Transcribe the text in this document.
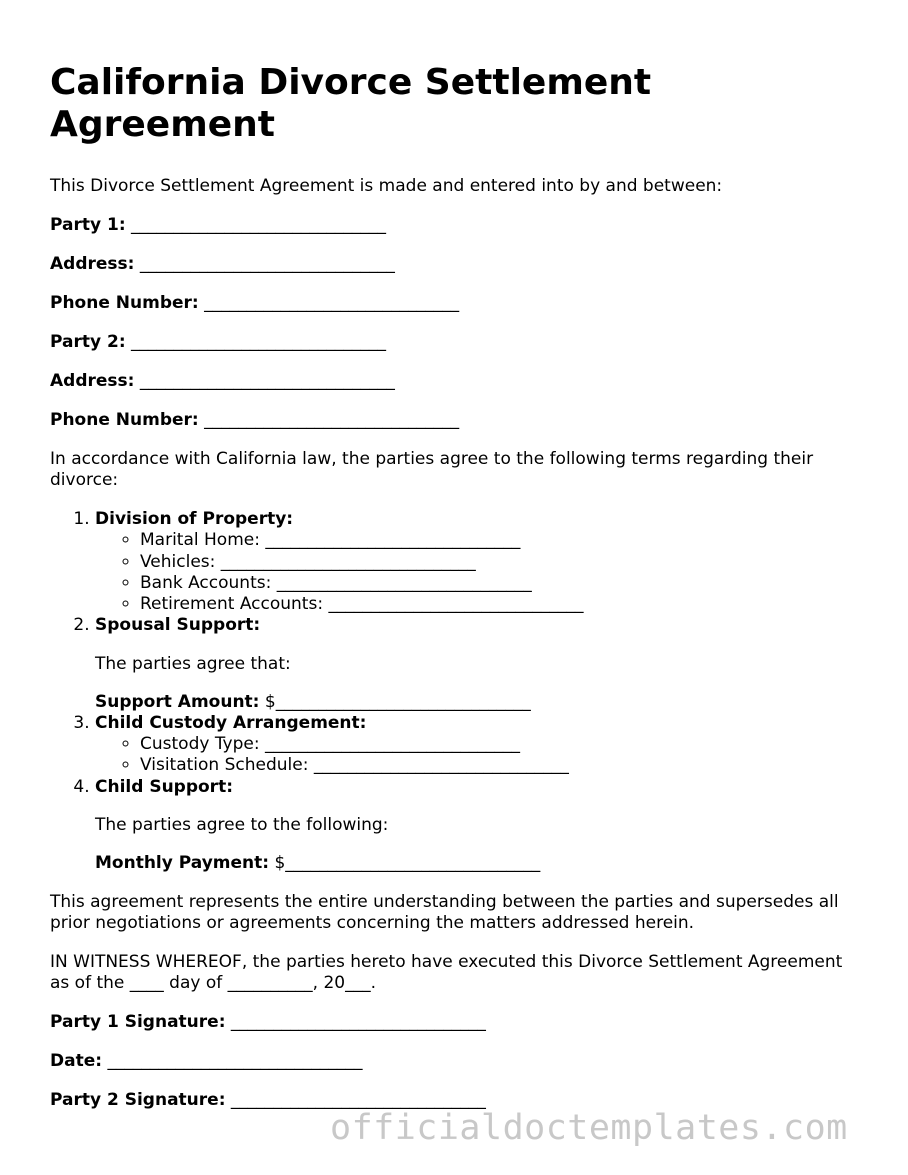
California Divorce Settlement Agreement

This Divorce Settlement Agreement is made and entered into by and between:

Party 1: ______________________________

Address: ______________________________

Phone Number: ______________________________

Party 2: ______________________________

Address: ______________________________

Phone Number: ______________________________

In accordance with California law, the parties agree to the following terms regarding their divorce:

1. Division of Property:
◦ Marital Home: ______________________________
◦ Vehicles: ______________________________
◦ Bank Accounts: ______________________________
◦ Retirement Accounts: ______________________________
2. Spousal Support:

The parties agree that:

Support Amount: $______________________________

3. Child Custody Arrangement:
◦ Custody Type: ______________________________
◦ Visitation Schedule: ______________________________
4. Child Support:

The parties agree to the following:

Monthly Payment: $______________________________

This agreement represents the entire understanding between the parties and supersedes all prior negotiations or agreements concerning the matters addressed herein.

IN WITNESS WHEREOF, the parties hereto have executed this Divorce Settlement Agreement as of the ____ day of __________, 20___.

Party 1 Signature: ______________________________

Date: ______________________________

Party 2 Signature: ______________________________

officialdoctemplates.com
